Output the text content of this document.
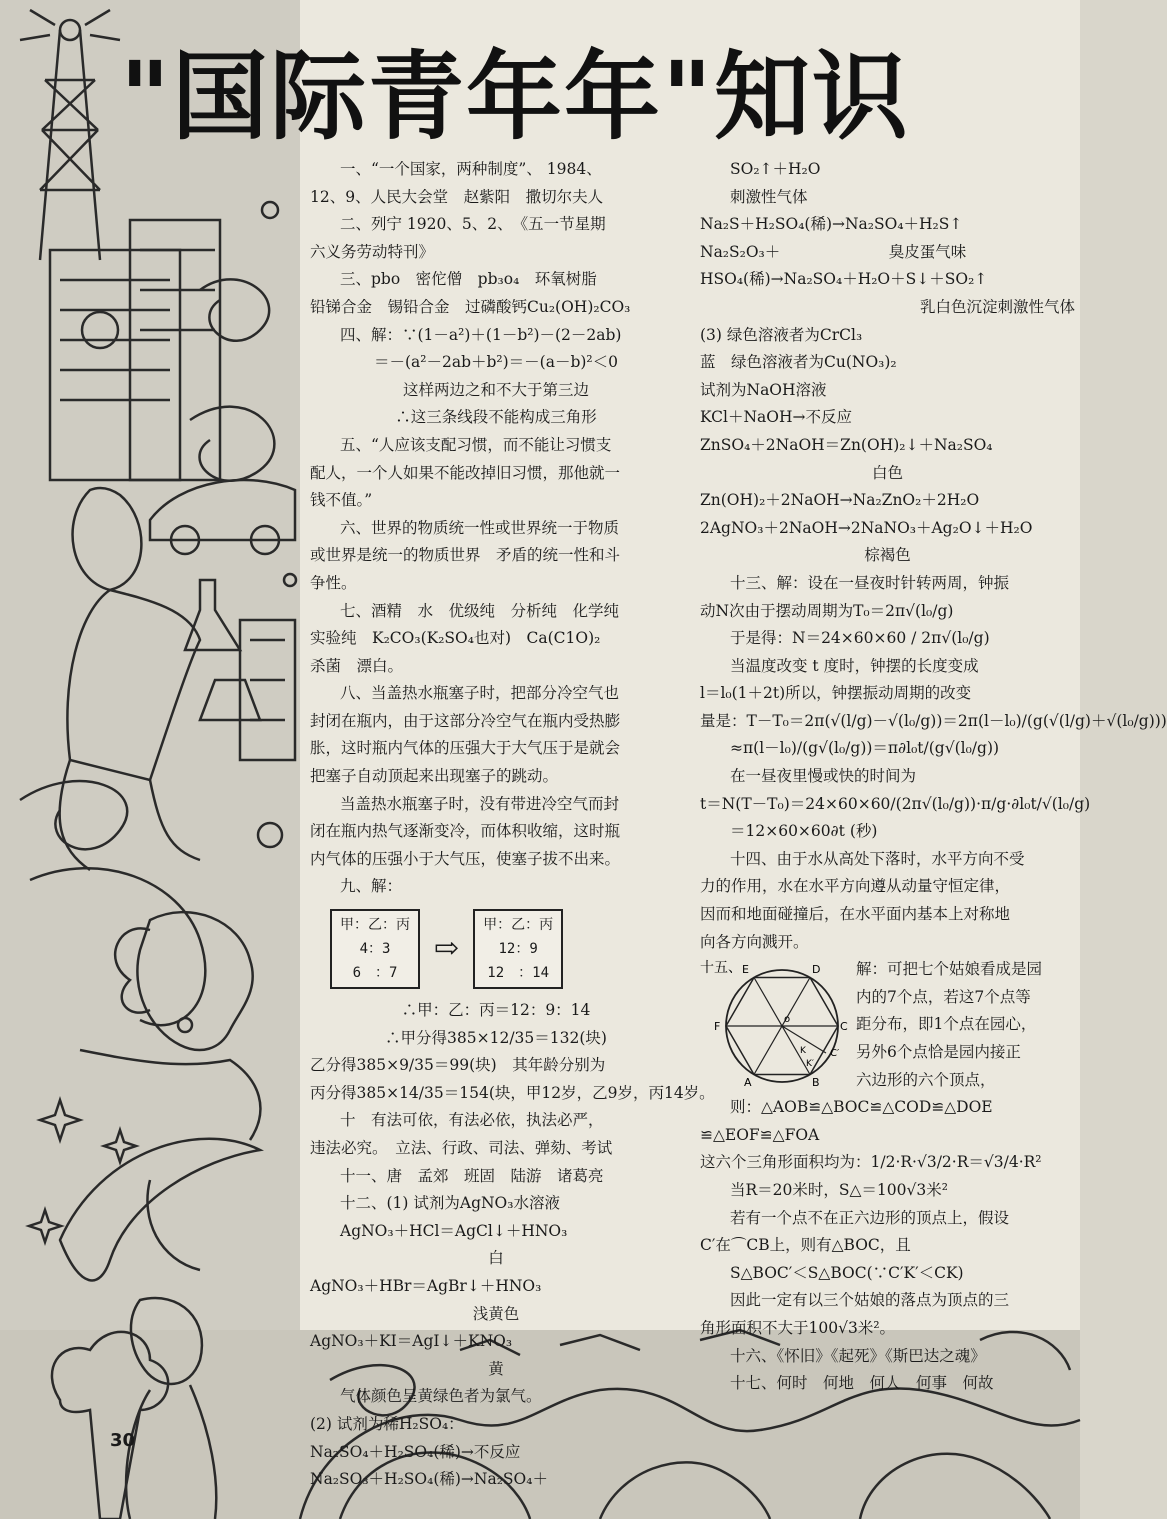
"国际青年年"知识
一、“一个国家，两种制度”、 1984、
12、9、人民大会堂　赵紫阳　撒切尔夫人
二、列宁 1920、5、2、　《五一节星期
六义务劳动特刊》
三、pbo　密佗僧　pb₃o₄　环氧树脂
铅锑合金　锡铅合金　过磷酸钙Cu₂(OH)₂CO₃
四、解：∵(1－a²)＋(1－b²)－(2－2ab)
＝－(a²－2ab＋b²)＝－(a－b)²＜0
这样两边之和不大于第三边
∴这三条线段不能构成三角形
五、“人应该支配习惯，而不能让习惯支
配人，一个人如果不能改掉旧习惯，那他就一
钱不值。”
六、世界的物质统一性或世界统一于物质
或世界是统一的物质世界　矛盾的统一性和斗
争性。
七、酒精　水　优级纯　分析纯　化学纯
实验纯　K₂CO₃(K₂SO₄也对)　Ca(C1O)₂
杀菌　漂白。
八、当盖热水瓶塞子时，把部分冷空气也
封闭在瓶内，由于这部分冷空气在瓶内受热膨
胀，这时瓶内气体的压强大于大气压于是就会
把塞子自动顶起来出现塞子的跳动。
当盖热水瓶塞子时，没有带进冷空气而封
闭在瓶内热气逐渐变冷，而体积收缩，这时瓶
内气体的压强小于大气压，使塞子拔不出来。
九、解：
甲：乙：丙
4：3
6　：7
⇨
甲：乙：丙
12：9
12　：14
∴甲：乙：丙＝12：9：14
∴甲分得385×12/35＝132(块)
乙分得385×9/35＝99(块)　其年龄分别为
丙分得385×14/35＝154(块，甲12岁，乙9岁，丙14岁。
十　有法可依，有法必依，执法必严，
违法必究。　立法、行政、司法、弹劾、考试
十一、唐　孟郊　班固　陆游　诸葛亮
十二、(1) 试剂为AgNO₃水溶液
AgNO₃＋HCl＝AgCl↓＋HNO₃
白
AgNO₃＋HBr＝AgBr↓＋HNO₃
浅黄色
AgNO₃＋KI＝AgI↓＋KNO₃
黄
气体颜色呈黄绿色者为氯气。
(2) 试剂为稀H₂SO₄：
Na₂SO₄＋H₂SO₄(稀)→不反应
Na₂SO₃＋H₂SO₄(稀)→Na₂SO₄＋
SO₂↑＋H₂O
刺激性气体
Na₂S＋H₂SO₄(稀)→Na₂SO₄＋H₂S↑
Na₂S₂O₃＋　　　　　　　臭皮蛋气味
HSO₄(稀)→Na₂SO₄＋H₂O＋S↓＋SO₂↑
乳白色沉淀刺激性气体
(3) 绿色溶液者为CrCl₃
蓝　绿色溶液者为Cu(NO₃)₂
试剂为NaOH溶液
KCl＋NaOH→不反应
ZnSO₄＋2NaOH＝Zn(OH)₂↓＋Na₂SO₄
白色
Zn(OH)₂＋2NaOH→Na₂ZnO₂＋2H₂O
2AgNO₃＋2NaOH→2NaNO₃＋Ag₂O↓＋H₂O
棕褐色
十三、解：设在一昼夜时针转两周，钟振
动N次由于摆动周期为T₀＝2π√(l₀/g)
于是得：N＝24×60×60 / 2π√(l₀/g)
当温度改变 t 度时，钟摆的长度变成
l＝l₀(1＋2t)所以，钟摆振动周期的改变
量是：T－T₀＝2π(√(l/g)－√(l₀/g))＝2π(l－l₀)/(g(√(l/g)＋√(l₀/g)))
≈π(l－l₀)/(g√(l₀/g))＝π∂l₀t/(g√(l₀/g))
在一昼夜里慢或快的时间为
t＝N(T－T₀)＝24×60×60/(2π√(l₀/g))·π/g·∂l₀t/√(l₀/g)
＝12×60×60∂t (秒)
十四、由于水从高处下落时，水平方向不受
力的作用，水在水平方向遵从动量守恒定律，
因而和地面碰撞后，在水平面内基本上对称地
向各方向溅开。
十五、	D
C
C′
B
A
F
E
o
K
K′
解：可把七个姑娘看成是园
内的7个点，若这7个点等
距分布，即1个点在园心，
另外6个点恰是园内接正
六边形的六个顶点，
则：△AOB≌△BOC≌△COD≌△DOE
≌△EOF≌△FOA
这六个三角形面积均为：1/2·R·√3/2·R＝√3/4·R²
当R＝20米时，S△＝100√3米²
若有一个点不在正六边形的顶点上，假设
C′在⌒CB上，则有△BOC，且
S△BOC′＜S△BOC(∵C′K′＜CK)
因此一定有以三个姑娘的落点为顶点的三
角形面积不大于100√3米²。
十六、《怀旧》《起死》《斯巴达之魂》
十七、何时　何地　何人　何事　何故
30
